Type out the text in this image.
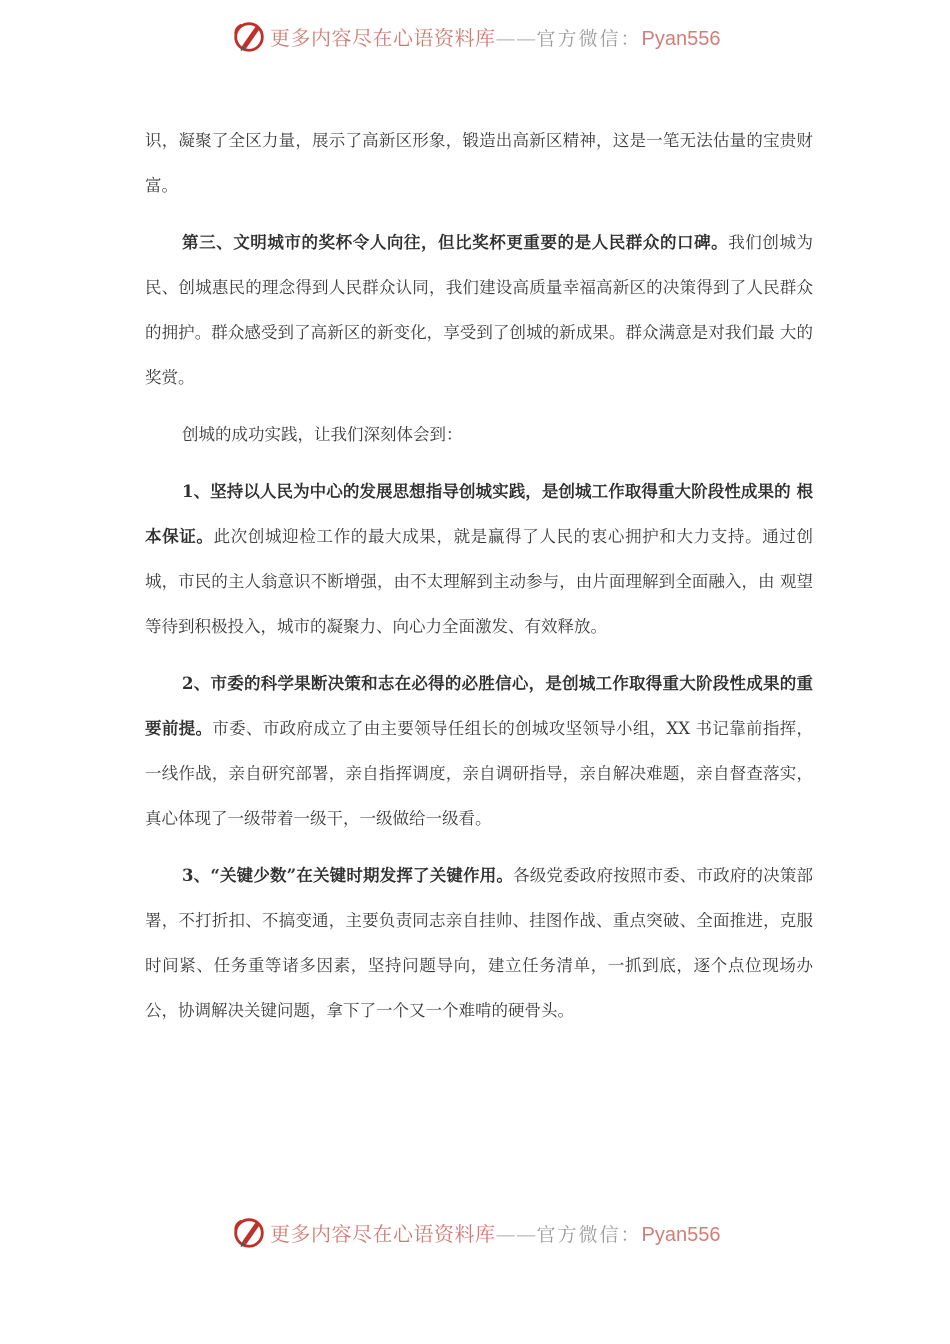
更多内容尽在心语资料库——官方微信：Pyan556

识，凝聚了全区力量，展示了高新区形象，锻造出高新区精神，这是一笔无法估量的宝贵财富。

第三、文明城市的奖杯令人向往，但比奖杯更重要的是人民群众的口碑。我们创城为 民、创城惠民的理念得到人民群众认同，我们建设高质量幸福高新区的决策得到了人民群众的拥护。群众感受到了高新区的新变化，享受到了创城的新成果。群众满意是对我们最 大的奖赏。

创城的成功实践，让我们深刻体会到：

1、坚持以人民为中心的发展思想指导创城实践，是创城工作取得重大阶段性成果的 根本保证。此次创城迎检工作的最大成果，就是赢得了人民的衷心拥护和大力支持。通过创城，市民的主人翁意识不断增强，由不太理解到主动参与，由片面理解到全面融入，由 观望等待到积极投入，城市的凝聚力、向心力全面激发、有效释放。

2、市委的科学果断决策和志在必得的必胜信心，是创城工作取得重大阶段性成果的重要前提。市委、市政府成立了由主要领导任组长的创城攻坚领导小组，XX 书记靠前指挥，一线作战，亲自研究部署，亲自指挥调度，亲自调研指导，亲自解决难题，亲自督查落实，真心体现了一级带着一级干，一级做给一级看。

3、“关键少数”在关键时期发挥了关键作用。各级党委政府按照市委、市政府的决策部署，不打折扣、不搞变通，主要负责同志亲自挂帅、挂图作战、重点突破、全面推进，克服时间紧、任务重等诸多因素，坚持问题导向，建立任务清单，一抓到底，逐个点位现场办公，协调解决关键问题，拿下了一个又一个难啃的硬骨头。

更多内容尽在心语资料库——官方微信：Pyan556
